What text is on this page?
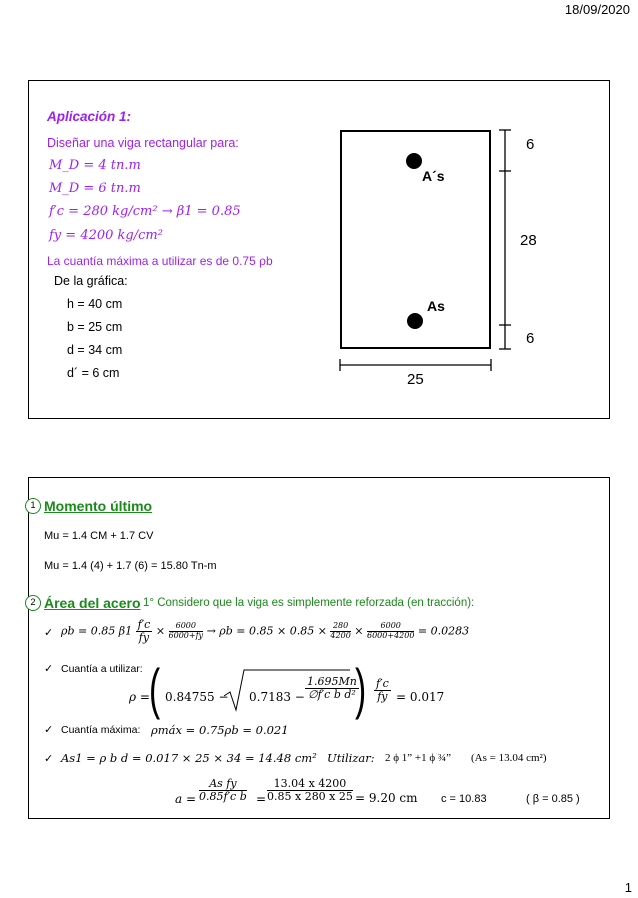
18/09/2020
Aplicación 1:
Diseñar una viga rectangular para:
M_D = 4 tn.m
M_D = 6 tn.m
f′c = 280 kg/cm² → β1 = 0.85
fy = 4200 kg/cm²
La cuantía máxima a utilizar es de 0.75 ρb
De la gráfica:
h = 40 cm
b = 25 cm
d = 34 cm
d´ = 6 cm
A´s
As
6
28
6
25
1 Momento último
Mu = 1.4 CM + 1.7 CV
Mu = 1.4 (4) + 1.7 (6) = 15.80 Tn-m
2 Área del acero 1° Considero que la viga es simplemente reforzada (en tracción):
✓ ρb = 0.85 $\beta 1 \frac{f'c}{fy} \times \frac{6000}{6000+fy} \to \rho b = 0.85 \times 0.85 \times \frac{280}{4200} \times \frac{6000}{6000+4200} = 0.0283$
✓ Cuantía a utilizar:
ρ = ( $0.84755 - 0.7183 - \frac{1.695Mn}{\text{∅f′c b d²}}$
) $\frac{f'c}{fy} = 0.017$
✓ Cuantía máxima: ρmáx = 0.75ρb = 0.021
✓ As1 = ρ b d = 0.017 × 25 × 34 = 14.48 cm² Utilizar: 2 ϕ 1” +1 ϕ ¾” (As = 13.04 cm²)
$a = \frac{\text{As fy}}{\text{0.85f′c b}} = \frac{13.04 x 4200}{0.85 x 280 x 25} = 9.20$ cm c = 10.83	( β = 0.85 )
1
